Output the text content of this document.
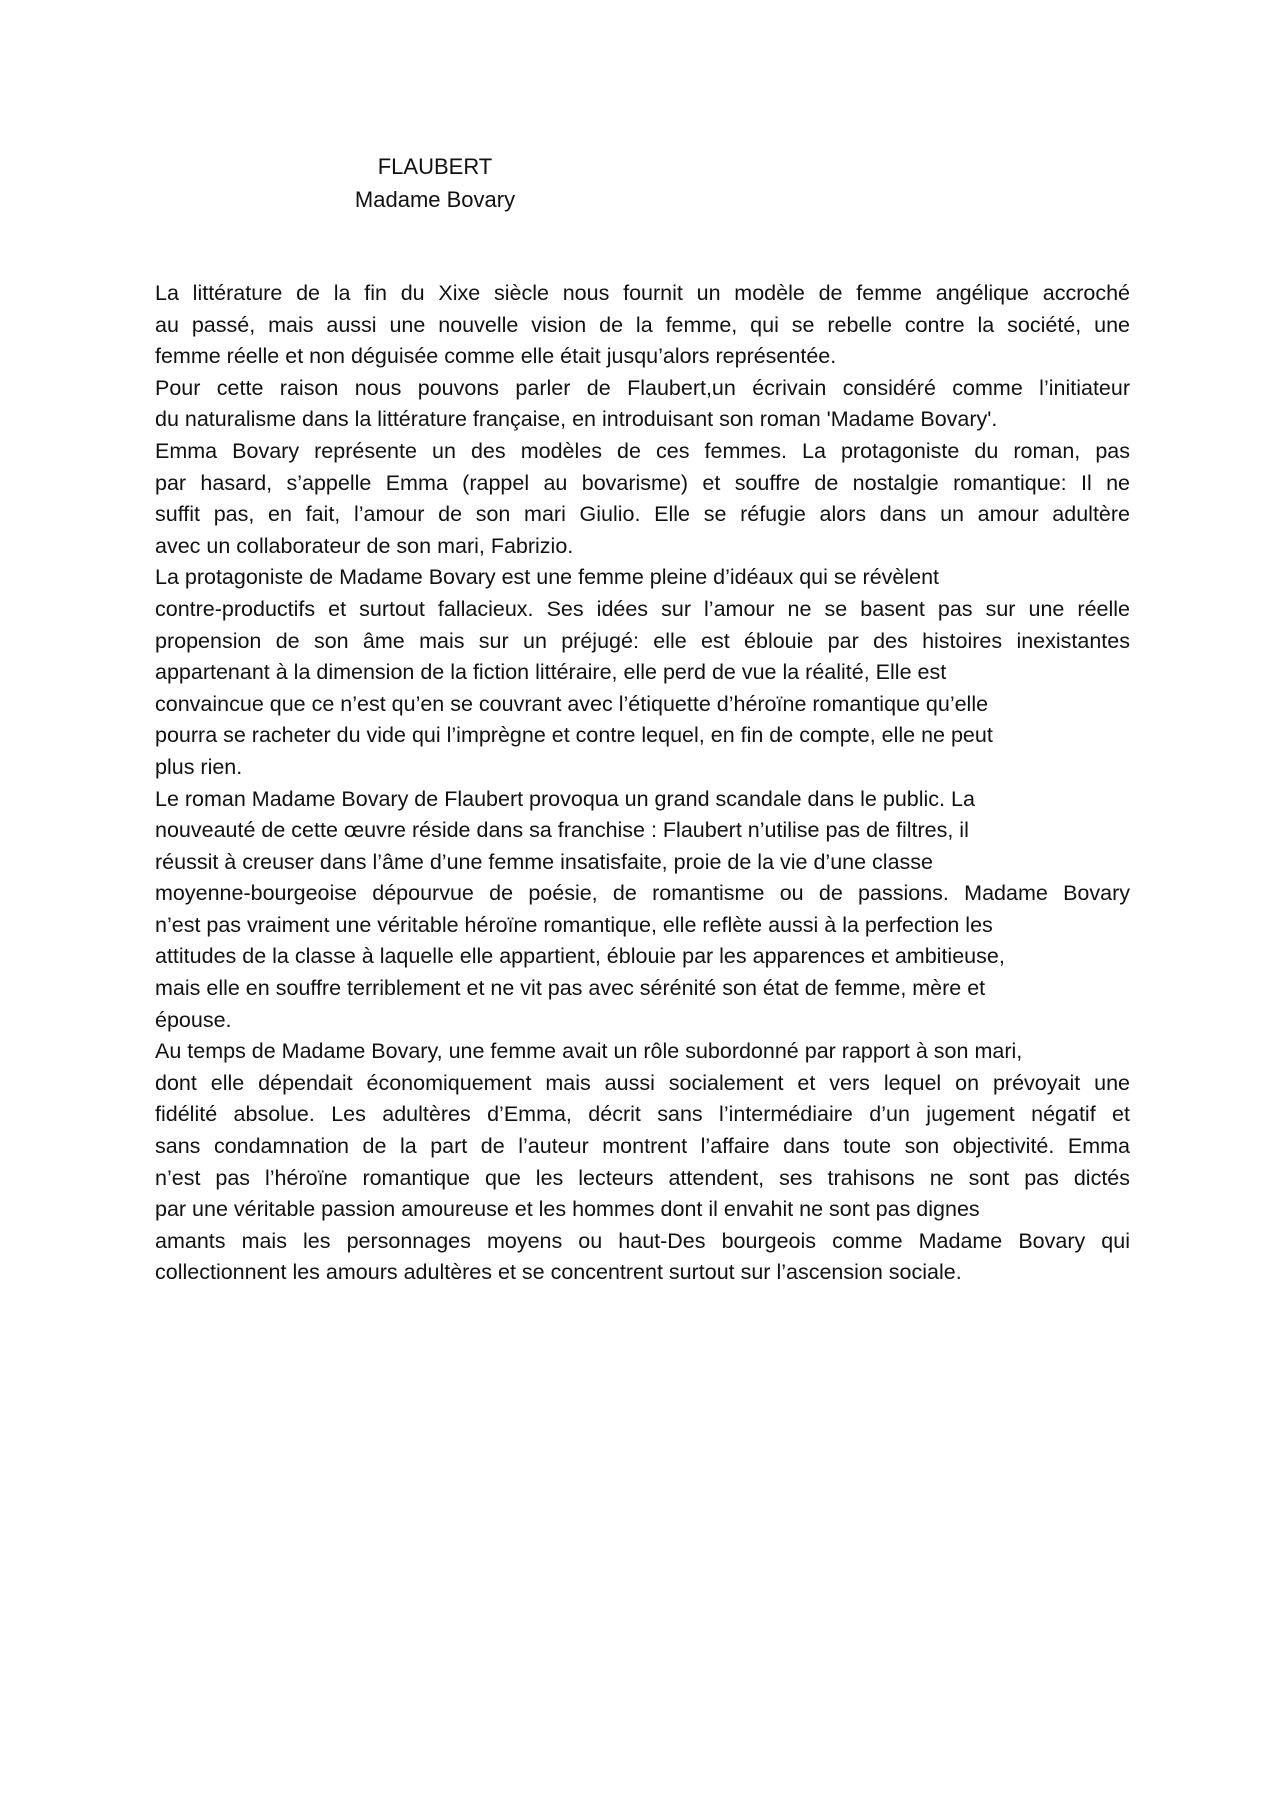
FLAUBERT
Madame Bovary
La littérature de la fin du Xixe siècle nous fournit un modèle de femme angélique accroché
au passé, mais aussi une nouvelle vision de la femme, qui se rebelle contre la société, une
femme réelle et non déguisée comme elle était jusqu’alors représentée.
Pour cette raison nous pouvons parler de Flaubert,un écrivain considéré comme l’initiateur
du naturalisme dans la littérature française, en introduisant son roman 'Madame Bovary'.
Emma Bovary représente un des modèles de ces femmes. La protagoniste du roman, pas
par hasard, s’appelle Emma (rappel au bovarisme) et souffre de nostalgie romantique: Il ne
suffit pas, en fait, l’amour de son mari Giulio. Elle se réfugie alors dans un amour adultère
avec un collaborateur de son mari, Fabrizio.
La protagoniste de Madame Bovary est une femme pleine d’idéaux qui se révèlent
contre-productifs et surtout fallacieux. Ses idées sur l’amour ne se basent pas sur une réelle
propension de son âme mais sur un préjugé: elle est éblouie par des histoires inexistantes
appartenant à la dimension de la fiction littéraire, elle perd de vue la réalité, Elle est
convaincue que ce n’est qu’en se couvrant avec l’étiquette d’héroïne romantique qu’elle
pourra se racheter du vide qui l’imprègne et contre lequel, en fin de compte, elle ne peut
plus rien.
Le roman Madame Bovary de Flaubert provoqua un grand scandale dans le public. La
nouveauté de cette œuvre réside dans sa franchise : Flaubert n’utilise pas de filtres, il
réussit à creuser dans l’âme d’une femme insatisfaite, proie de la vie d’une classe
moyenne-bourgeoise dépourvue de poésie, de romantisme ou de passions. Madame Bovary
n’est pas vraiment une véritable héroïne romantique, elle reflète aussi à la perfection les
attitudes de la classe à laquelle elle appartient, éblouie par les apparences et ambitieuse,
mais elle en souffre terriblement et ne vit pas avec sérénité son état de femme, mère et
épouse.
Au temps de Madame Bovary, une femme avait un rôle subordonné par rapport à son mari,
dont elle dépendait économiquement mais aussi socialement et vers lequel on prévoyait une
fidélité absolue. Les adultères d’Emma, décrit sans l’intermédiaire d’un jugement négatif et
sans condamnation de la part de l’auteur montrent l’affaire dans toute son objectivité. Emma
n’est pas l’héroïne romantique que les lecteurs attendent, ses trahisons ne sont pas dictés
par une véritable passion amoureuse et les hommes dont il envahit ne sont pas dignes
amants mais les personnages moyens ou haut-Des bourgeois comme Madame Bovary qui
collectionnent les amours adultères et se concentrent surtout sur l’ascension sociale.
